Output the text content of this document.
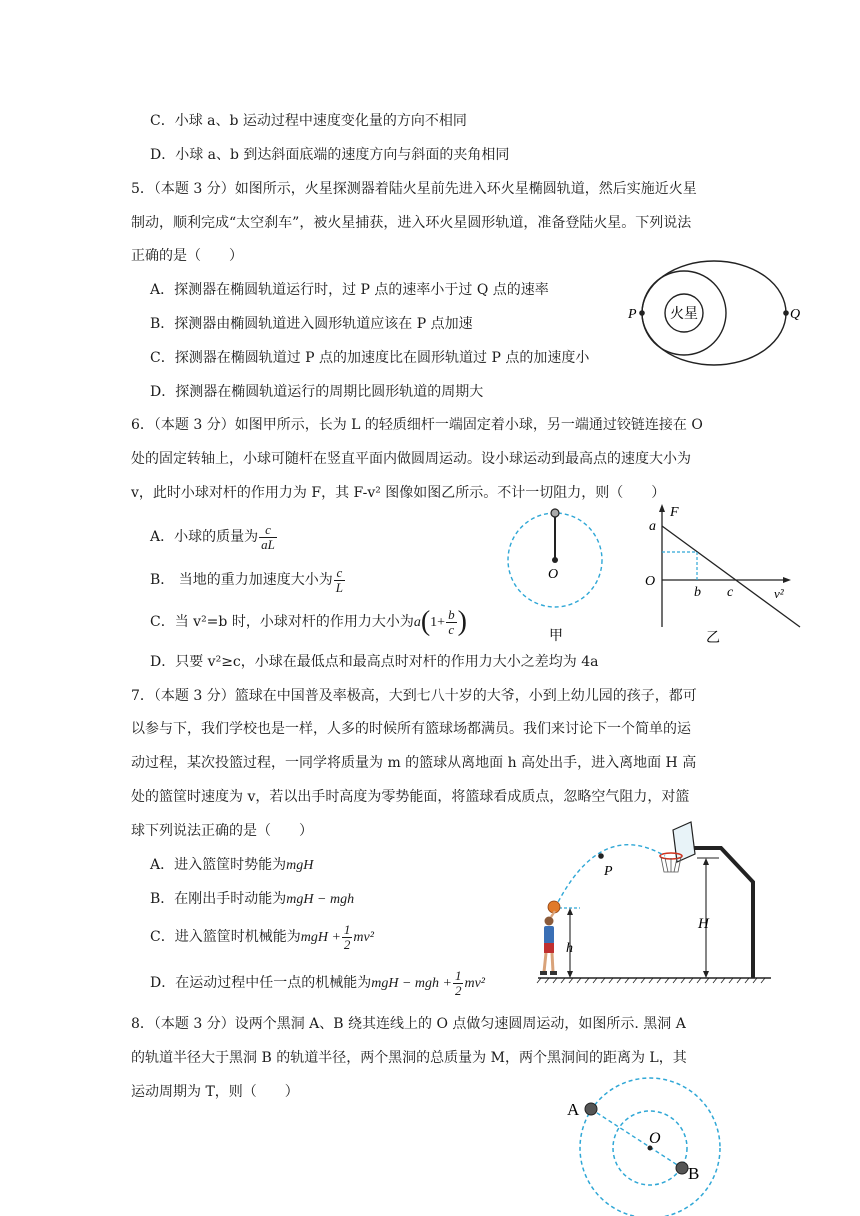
C．小球 a、b 运动过程中速度变化量的方向不相同
D．小球 a、b 到达斜面底端的速度方向与斜面的夹角相同
5．（本题 3 分）如图所示，火星探测器着陆火星前先进入环火星椭圆轨道，然后实施近火星
制动，顺利完成“太空刹车”，被火星捕获，进入环火星圆形轨道，准备登陆火星。下列说法
正确的是（　　）
A．探测器在椭圆轨道运行时，过 P 点的速率小于过 Q 点的速率
B．探测器由椭圆轨道进入圆形轨道应该在 P 点加速
C．探测器在椭圆轨道过 P 点的加速度比在圆形轨道过 P 点的加速度小
D．探测器在椭圆轨道运行的周期比圆形轨道的周期大
火星
P	Q
6．（本题 3 分）如图甲所示，长为 L 的轻质细杆一端固定着小球，另一端通过铰链连接在 O
处的固定转轴上，小球可随杆在竖直平面内做圆周运动。设小球运动到最高点的速度大小为
v，此时小球对杆的作用力为 F，其 F-v² 图像如图乙所示。不计一切阻力，则（　　）
A．小球的质量为 $\frac{c}{aL}$
B． 当地的重力加速度大小为 $\frac{c}{L}$
C．当 v²=b 时，小球对杆的作用力大小为$a(1+ \frac{b}{c}$ )
D．只要 v²≥c，小球在最低点和最高点时对杆的作用力大小之差均为 4a
O
甲
F
a
O
b c	v²
乙
7．（本题 3 分）篮球在中国普及率极高，大到七八十岁的大爷，小到上幼儿园的孩子，都可
以参与下，我们学校也是一样，人多的时候所有篮球场都满员。我们来讨论下一个简单的运
动过程，某次投篮过程，一同学将质量为 m 的篮球从离地面 h 高处出手，进入离地面 H 高
处的篮筐时速度为 v，若以出手时高度为零势能面，将篮球看成质点，忽略空气阻力，对篮
球下列说法正确的是（　　）
A．进入篮筐时势能为mgH
B．在刚出手时动能为mgH − mgh
C．进入篮筐时机械能为mgH + $\frac{1}{2} mv^2$
D．在运动过程中任一点的机械能为mgH − mgh + $\frac{1}{2} mv^2$
P
h
H
8．（本题 3 分）设两个黑洞 A、B 绕其连线上的 O 点做匀速圆周运动，如图所示. 黑洞 A
的轨道半径大于黑洞 B 的轨道半径，两个黑洞的总质量为 M，两个黑洞间的距离为 L，其
运动周期为 T，则（　　）
A
B
O
